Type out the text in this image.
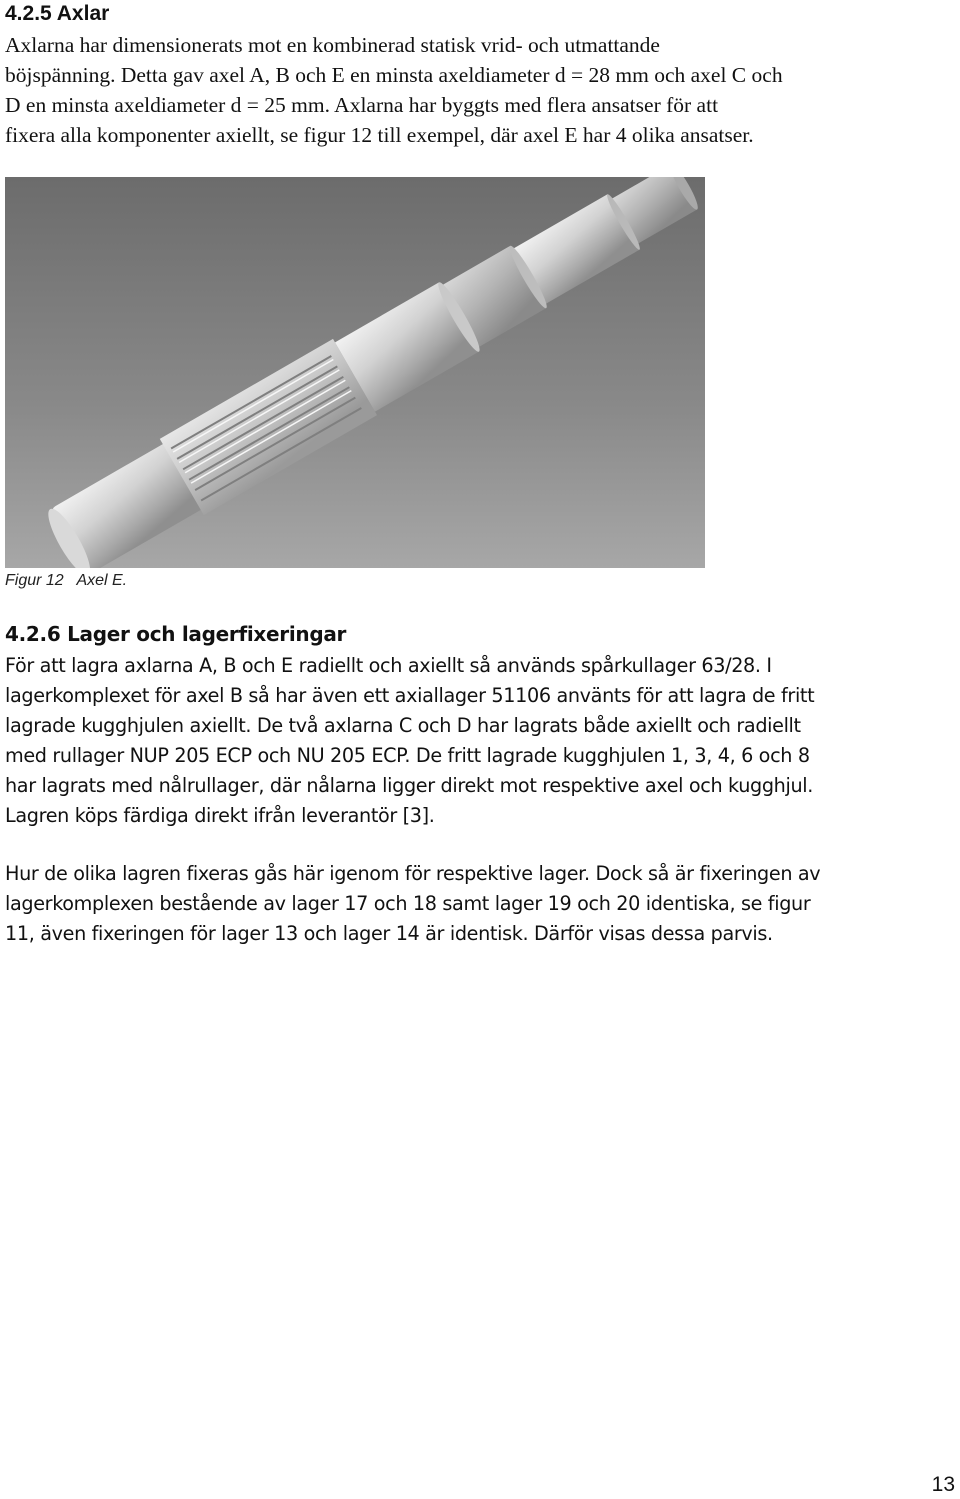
4.2.5 Axlar
Axlarna har dimensionerats mot en kombinerad statisk vrid- och utmattande
böjspänning. Detta gav axel A, B och E en minsta axeldiameter d = 28 mm och axel C och
D en minsta axeldiameter d = 25 mm. Axlarna har byggts med flera ansatser för att
fixera alla komponenter axiellt, se figur 12 till exempel, där axel E har 4 olika ansatser.
Figur 12   Axel E.
4.2.6 Lager och lagerfixeringar
För att lagra axlarna A, B och E radiellt och axiellt så används spårkullager 63/28. I
lagerkomplexet för axel B så har även ett axiallager 51106 använts för att lagra de fritt
lagrade kugghjulen axiellt. De två axlarna C och D har lagrats både axiellt och radiellt
med rullager NUP 205 ECP och NU 205 ECP. De fritt lagrade kugghjulen 1, 3, 4, 6 och 8
har lagrats med nålrullager, där nålarna ligger direkt mot respektive axel och kugghjul.
Lagren köps färdiga direkt ifrån leverantör [3].
Hur de olika lagren fixeras gås här igenom för respektive lager. Dock så är fixeringen av
lagerkomplexen bestående av lager 17 och 18 samt lager 19 och 20 identiska, se figur
11, även fixeringen för lager 13 och lager 14 är identisk. Därför visas dessa parvis.
13
